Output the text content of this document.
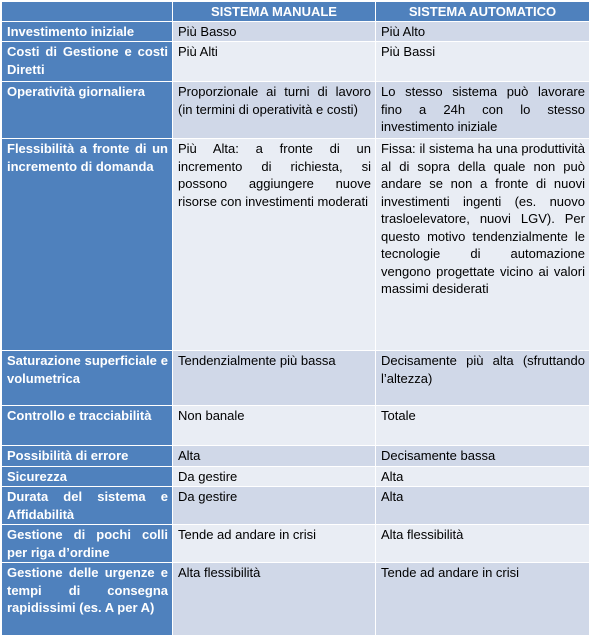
	SISTEMA MANUALE	SISTEMA AUTOMATICO
Investimento iniziale	Più Basso	Più Alto
Costi di Gestione e costi Diretti	Più Alti	Più Bassi
Operatività giornaliera	Proporzionale ai turni di lavoro (in termini di operatività e costi)	Lo stesso sistema può lavorare fino a 24h con lo stesso investimento iniziale
Flessibilità a fronte di un incremento di domanda	Più Alta: a fronte di un incremento di richiesta, si possono aggiungere nuove risorse con investimenti moderati	Fissa: il sistema ha una produttività al di sopra della quale non può andare se non a fronte di nuovi investimenti ingenti (es. nuovo trasloelevatore, nuovi LGV). Per questo motivo tendenzialmente le tecnologie di automazione vengono progettate vicino ai valori massimi desiderati
Saturazione superficiale e volumetrica	Tendenzialmente più bassa	Decisamente più alta (sfruttando l’altezza)
Controllo e tracciabilità	Non banale	Totale
Possibilità di errore	Alta	Decisamente bassa
Sicurezza	Da gestire	Alta
Durata del sistema e Affidabilità	Da gestire	Alta
Gestione di pochi colli per riga d’ordine	Tende ad andare in crisi	Alta flessibilità
Gestione delle urgenze e tempi di consegna rapidissimi (es. A per A)	Alta flessibilità	Tende ad andare in crisi
